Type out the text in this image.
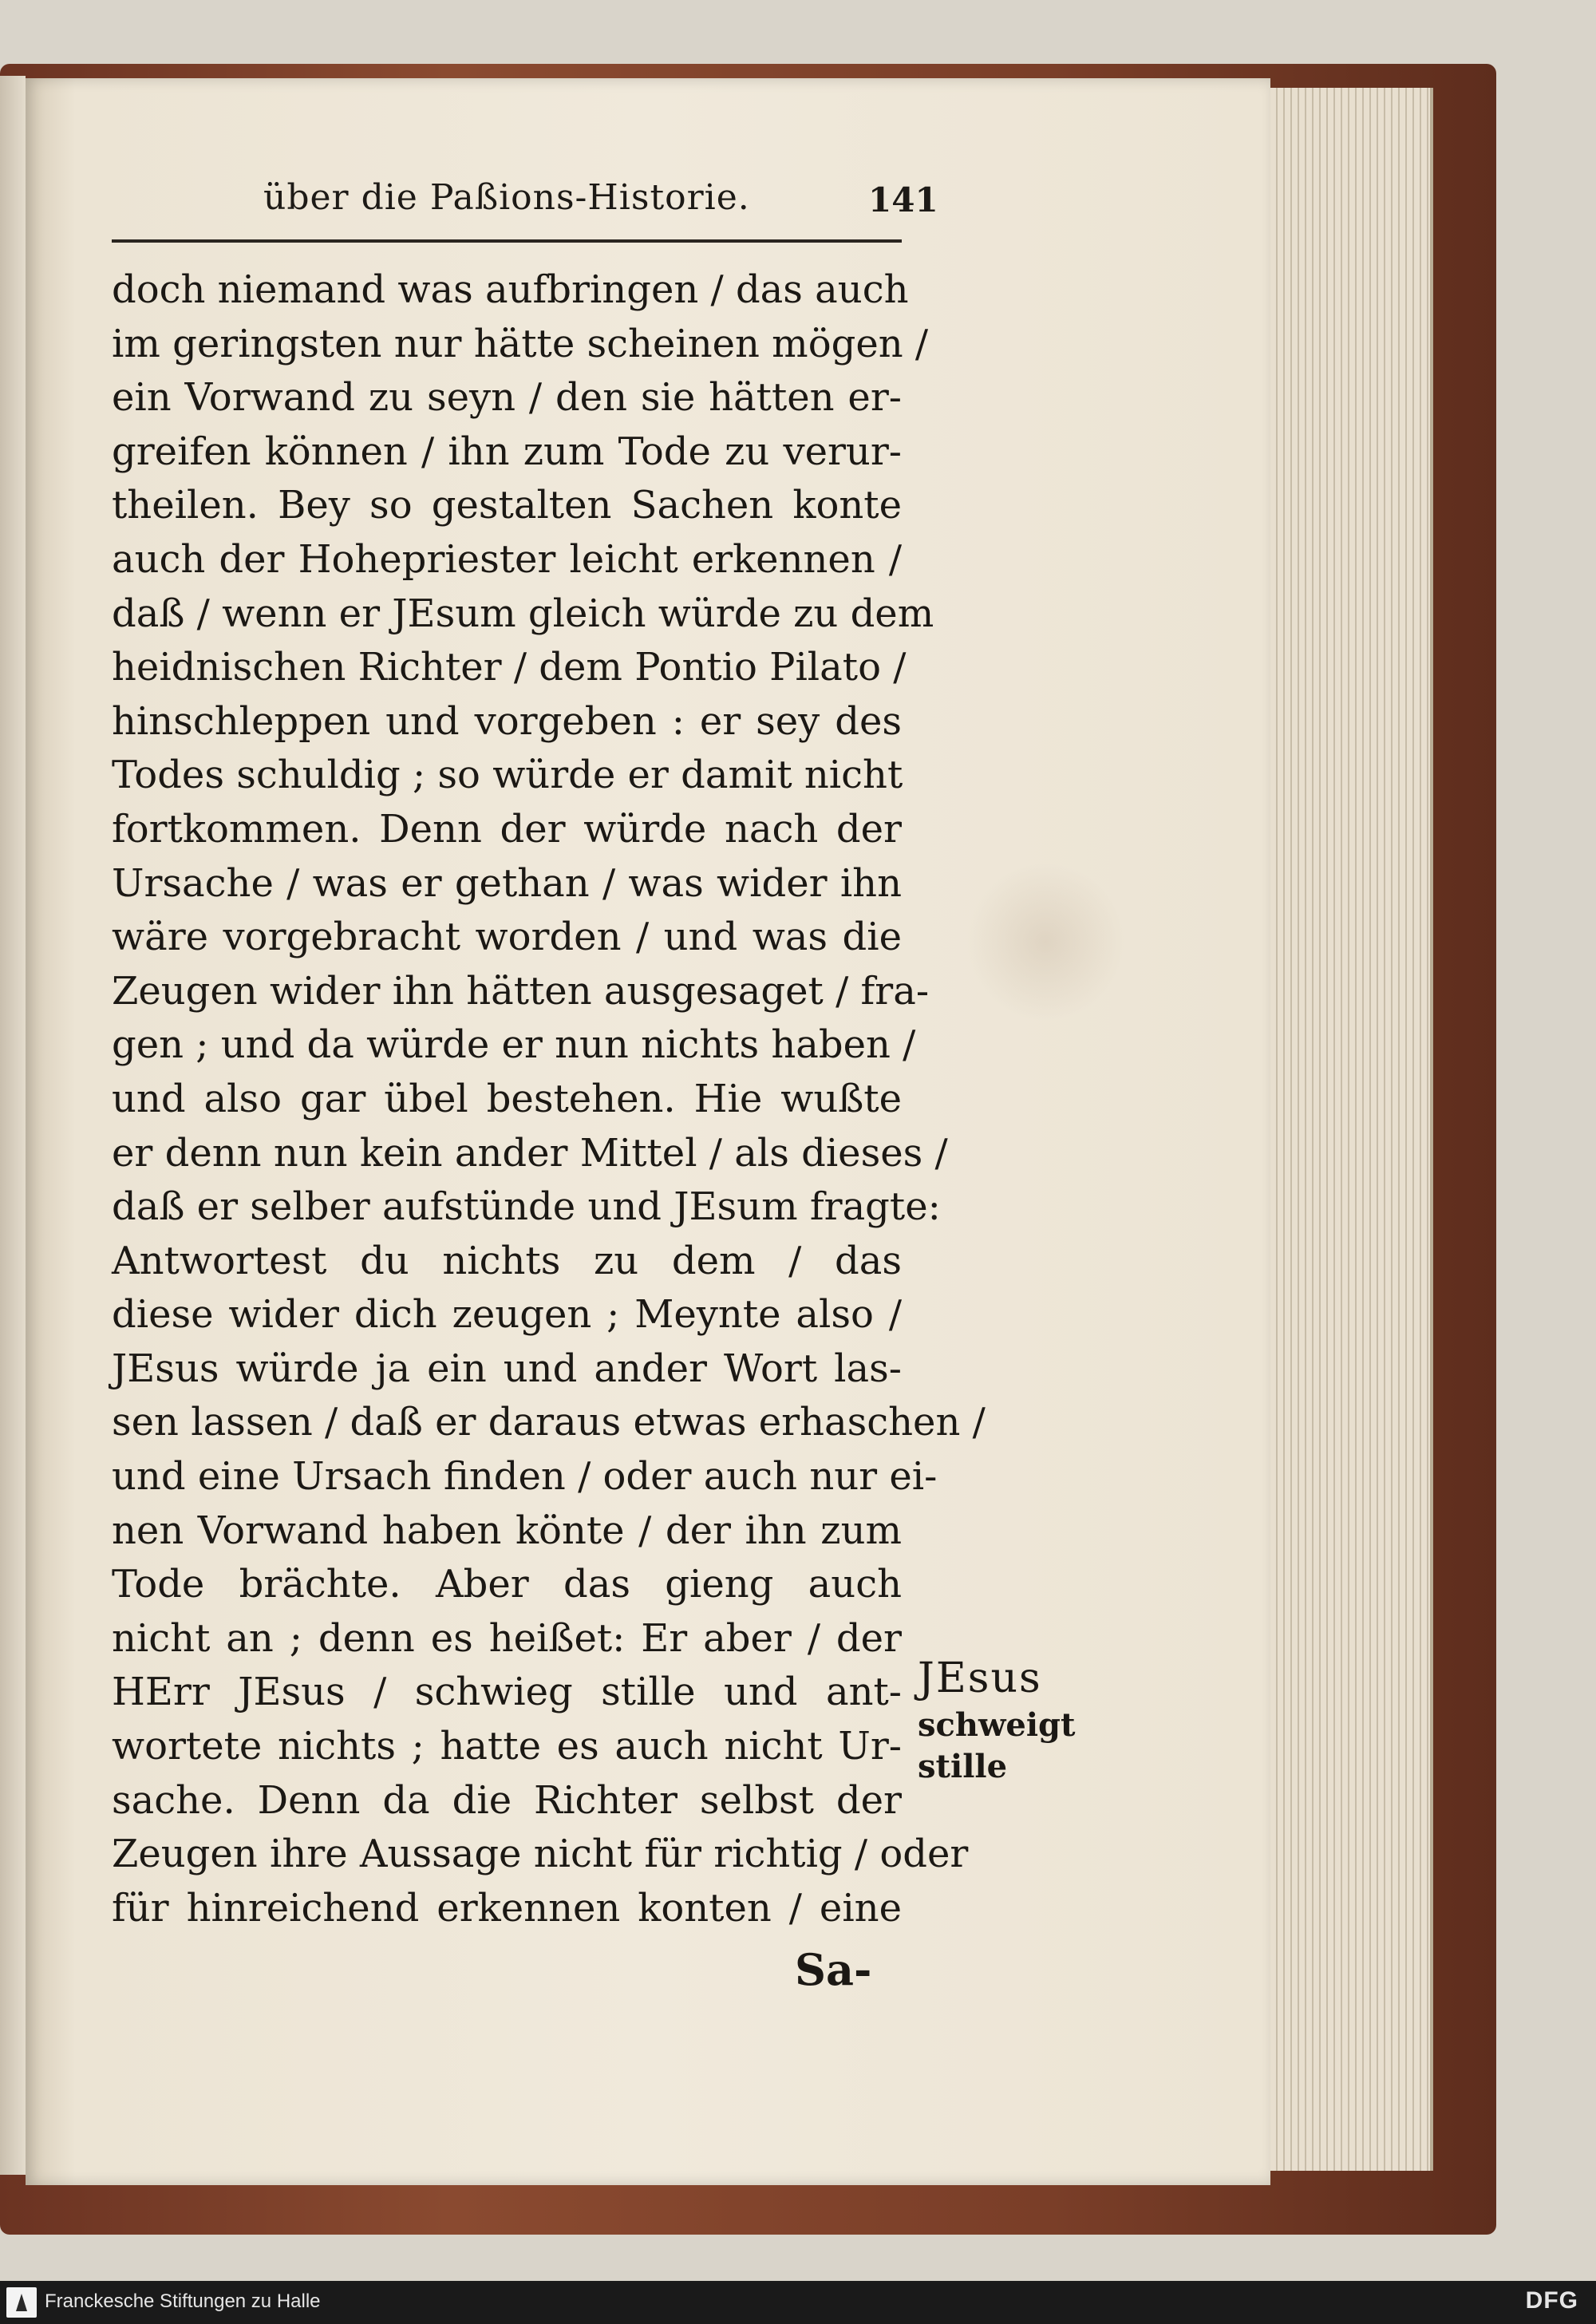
über die Paßions-Historie.	141
doch niemand was aufbringen / das auch
im geringsten nur hätte scheinen mögen /
ein Vorwand zu seyn / den sie hätten er-
greifen können / ihn zum Tode zu verur-
theilen. Bey so gestalten Sachen konte
auch der Hohepriester leicht erkennen /
daß / wenn er JEsum gleich würde zu dem
heidnischen Richter / dem Pontio Pilato /
hinschleppen und vorgeben : er sey des
Todes schuldig ; so würde er damit nicht
fortkommen. Denn der würde nach der
Ursache / was er gethan / was wider ihn
wäre vorgebracht worden / und was die
Zeugen wider ihn hätten ausgesaget / fra-
gen ; und da würde er nun nichts haben /
und also gar übel bestehen. Hie wußte
er denn nun kein ander Mittel / als dieses /
daß er selber aufstünde und JEsum fragte:
Antwortest du nichts zu dem / das
diese wider dich zeugen ; Meynte also /
JEsus würde ja ein und ander Wort las-
sen lassen / daß er daraus etwas erhaschen /
und eine Ursach finden / oder auch nur ei-
nen Vorwand haben könte / der ihn zum
Tode brächte. Aber das gieng auch
nicht an ; denn es heißet: Er aber / der
HErr JEsus / schwieg stille und ant-
wortete nichts ; hatte es auch nicht Ur-
sache. Denn da die Richter selbst der
Zeugen ihre Aussage nicht für richtig / oder
für hinreichend erkennen konten / eine
Sa-
JEsus
schweigt stille
Franckesche Stiftungen zu Halle	DFG
